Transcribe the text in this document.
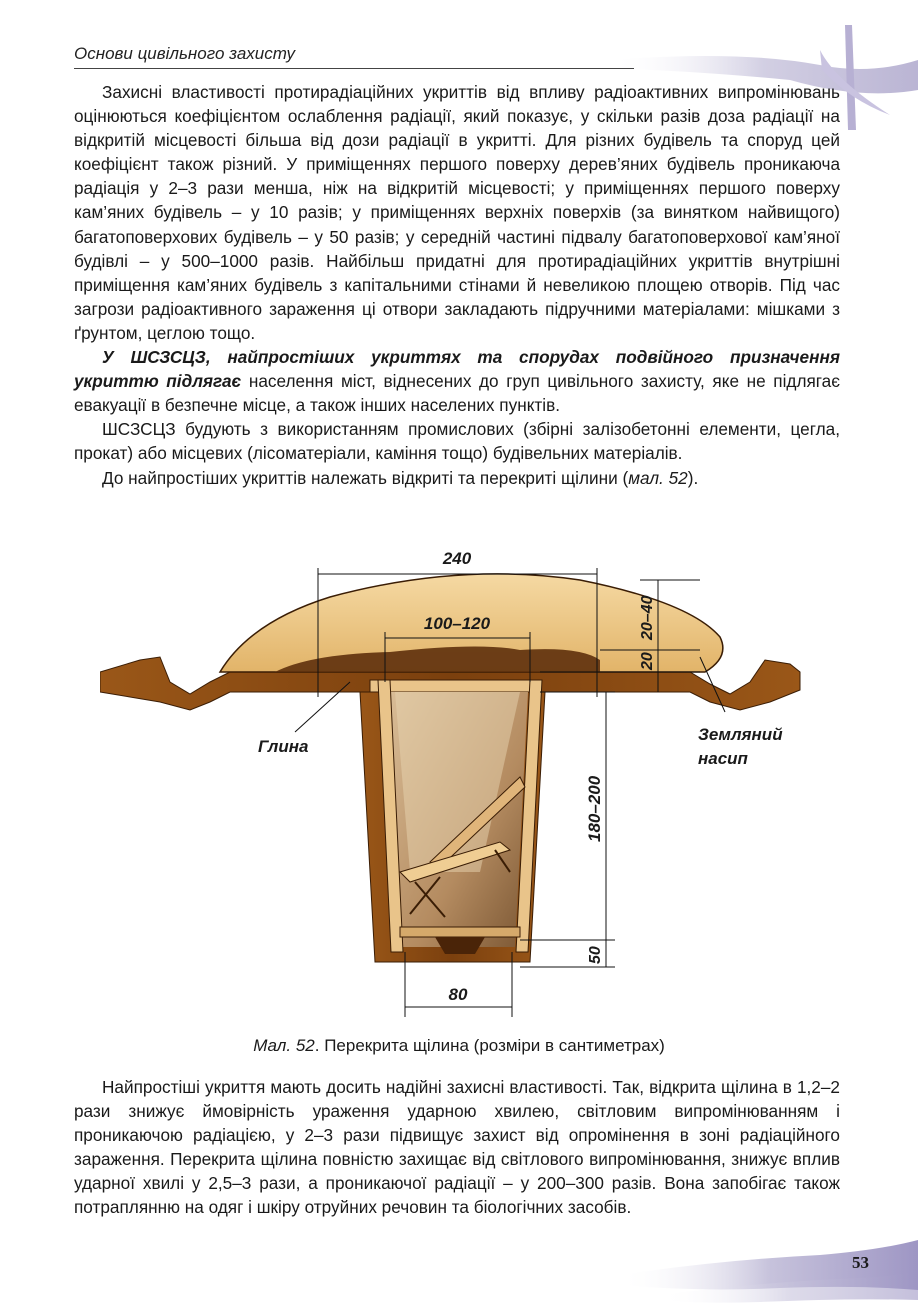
Основи цивільного захисту

Захисні властивості протирадіаційних укриттів від впливу радіоактивних випромінювань оцінюються коефіцієнтом ослаблення радіації, який показує, у скільки разів доза радіації на відкритій місцевості більша від дози радіації в укритті. Для різних будівель та споруд цей коефіцієнт також різний. У приміщеннях першого поверху дерев’яних будівель проникаюча радіація у 2–3 рази менша, ніж на відкритій місцевості; у приміщеннях першого поверху кам’яних будівель – у 10 разів; у приміщеннях верхніх поверхів (за винятком найвищого) багатоповерхових будівель – у 50 разів; у середній частині підвалу багатоповерхової кам’яної будівлі – у 500–1000 разів. Найбільш придатні для протирадіаційних укриттів внутрішні приміщення кам’яних будівель з капітальними стінами й невеликою площею отворів. Під час загрози радіоактивного зараження ці отвори закладають підручними матеріалами: мішками з ґрунтом, цеглою тощо.

У ШСЗСЦЗ, найпростіших укриттях та спорудах подвійного призначення укриттю підлягає населення міст, віднесених до груп цивільного захисту, яке не підлягає евакуації в безпечне місце, а також інших населених пунктів.

ШСЗСЦЗ будують з використанням промислових (збірні залізобетонні елементи, цегла, прокат) або місцевих (лісоматеріали, каміння тощо) будівельних матеріалів.

До найпростіших укриттів належать відкриті та перекриті щілини (мал. 52).

240
100–120	20–40
20
180–200
50
80
Глина
Земляний
насип
Мал. 52. Перекрита щілина (розміри в сантиметрах)

Найпростіші укриття мають досить надійні захисні властивості. Так, відкрита щілина в 1,2–2 рази знижує ймовірність ураження ударною хвилею, світловим випромінюванням і проникаючою радіацією, у 2–3 рази підвищує захист від опромінення в зоні радіаційного зараження. Перекрита щілина повністю захищає від світлового випромінювання, знижує вплив ударної хвилі у 2,5–3 рази, а проникаючої радіації – у 200–300 разів. Вона запобігає також потраплянню на одяг і шкіру отруйних речовин та біологічних засобів.

53
